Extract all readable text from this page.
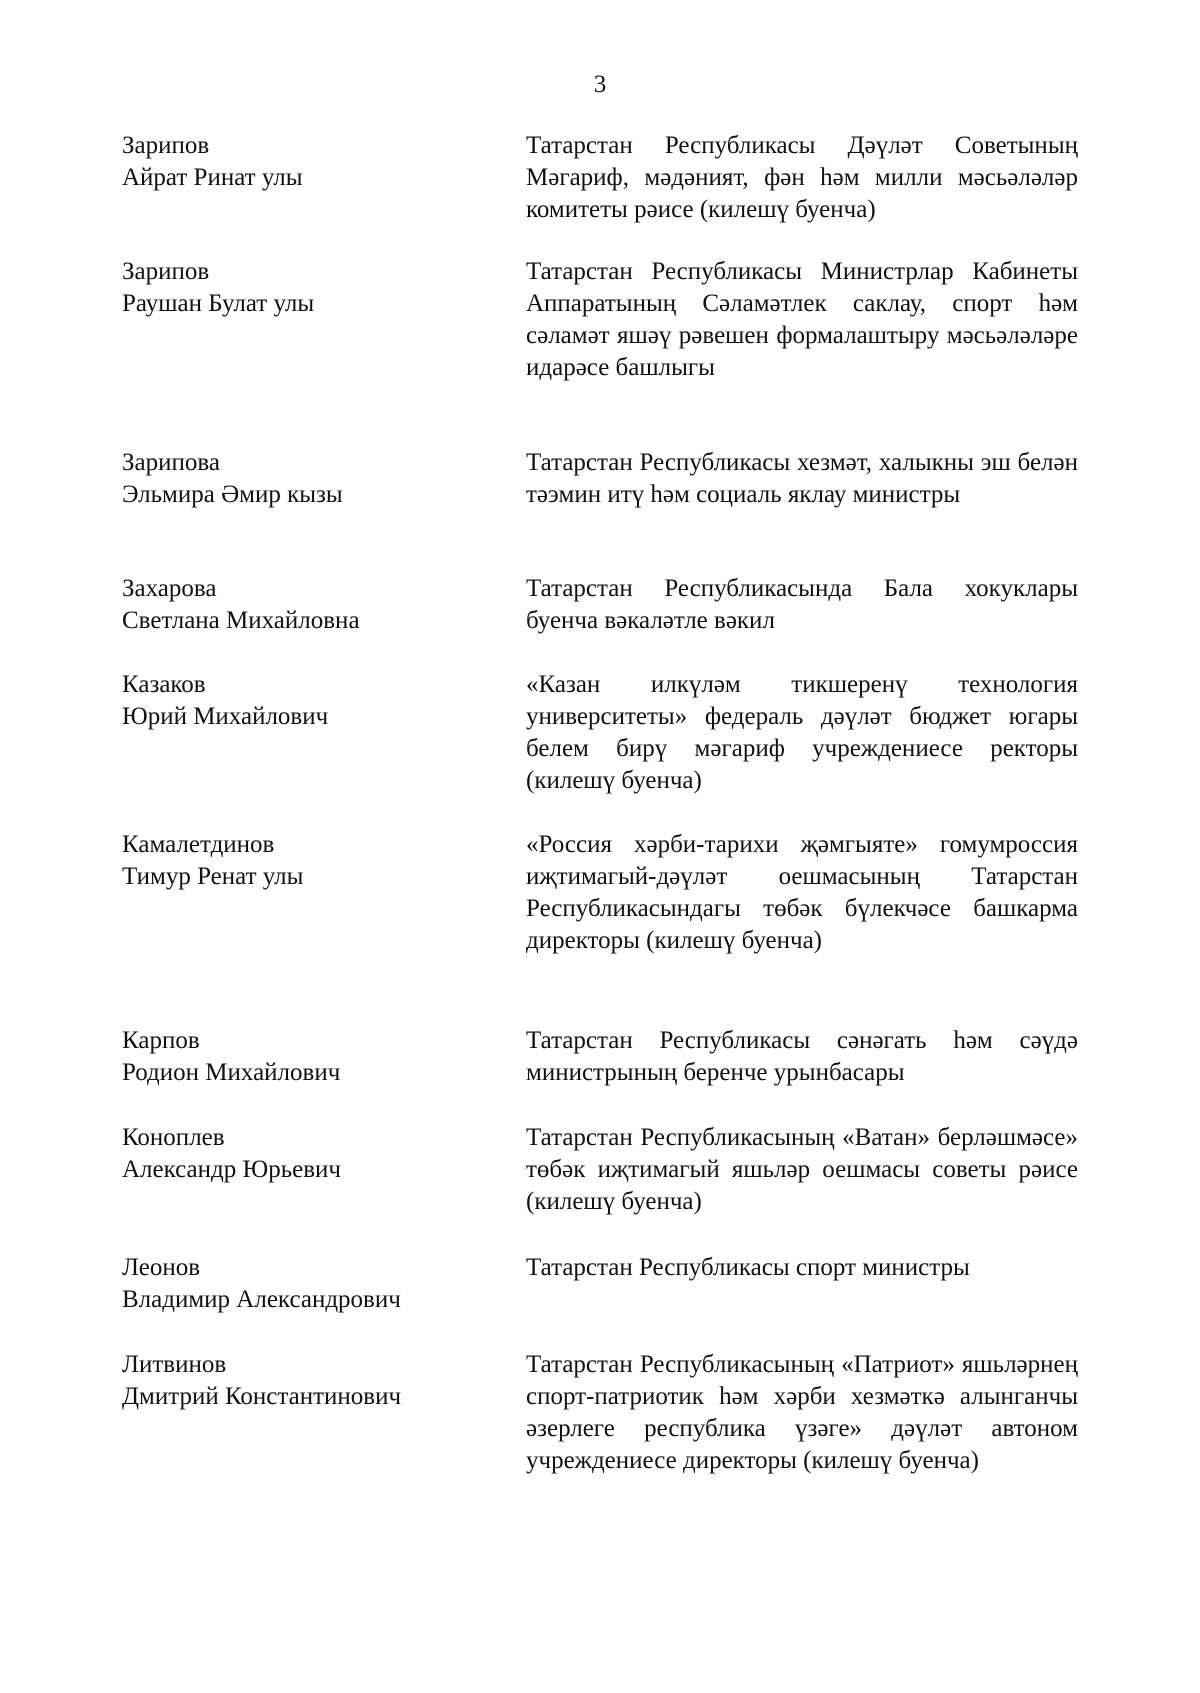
3
Зарипов
Айрат Ринат улы
Татарстан Республикасы Дәүләт Советының Мәгариф, мәдәният, фән һәм милли мәсьәләләр комитеты рәисе (килешү буенча)
Зарипов
Раушан Булат улы
Татарстан Республикасы Министрлар Кабинеты Аппаратының Сәламәтлек саклау, спорт һәм сәламәт яшәү рәвешен формалаштыру мәсьәләләре идарәсе башлыгы
Зарипова
Эльмира Әмир кызы
Татарстан Республикасы хезмәт, халыкны эш белән тәэмин итү һәм социаль яклау министры
Захарова
Светлана Михайловна
Татарстан Республикасында Бала хокуклары буенча вәкаләтле вәкил
Казаков
Юрий Михайлович
«Казан илкүләм тикшеренү технология университеты» федераль дәүләт бюджет югары белем бирү мәгариф учреждениесе ректоры (килешү буенча)
Камалетдинов
Тимур Ренат улы
«Россия хәрби-тарихи җәмгыяте» гомумроссия иҗтимагый-дәүләт оешмасының Татарстан Республикасындагы төбәк бүлекчәсе башкарма директоры (килешү буенча)
Карпов
Родион Михайлович
Татарстан Республикасы сәнәгать һәм сәүдә министрының беренче урынбасары
Коноплев
Александр Юрьевич
Татарстан Республикасының «Ватан» берләшмәсе» төбәк иҗтимагый яшьләр оешмасы советы рәисе (килешү буенча)
Леонов
Владимир Александрович
Татарстан Республикасы спорт министры
Литвинов
Дмитрий Константинович
Татарстан Республикасының «Патриот» яшьләрнең спорт-патриотик һәм хәрби хезмәткә алынганчы әзерлеге республика үзәге» дәүләт автоном учреждениесе директоры (килешү буенча)
